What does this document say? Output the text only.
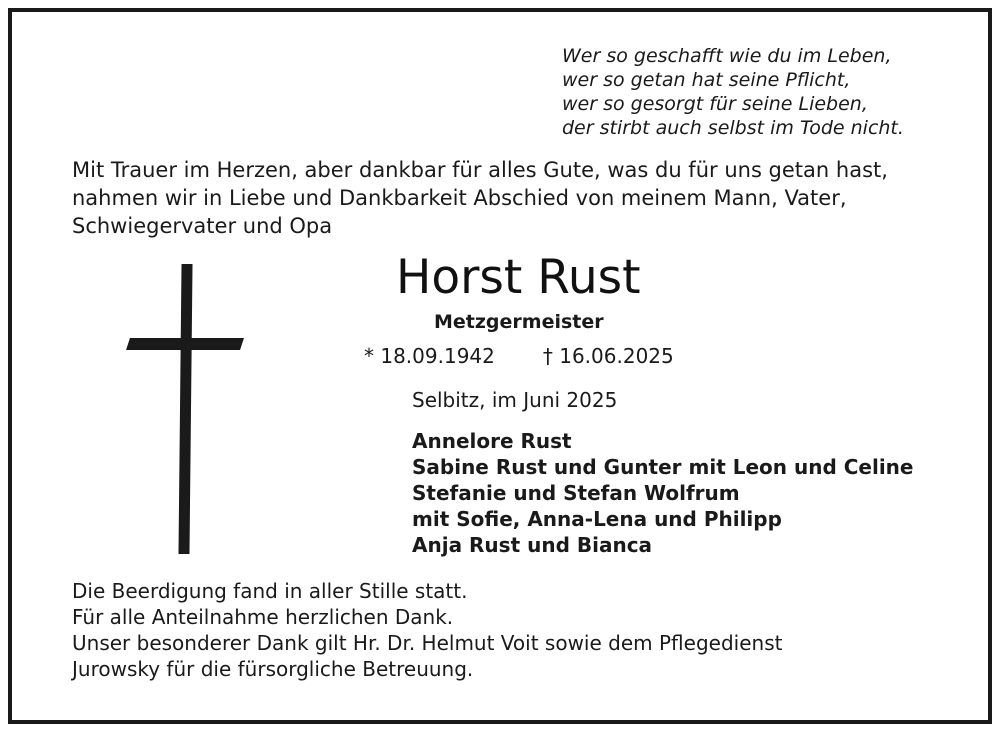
Wer so geschafft wie du im Leben,
wer so getan hat seine Pflicht,
wer so gesorgt für seine Lieben,
der stirbt auch selbst im Tode nicht.
Mit Trauer im Herzen, aber dankbar für alles Gute, was du für uns getan hast,
nahmen wir in Liebe und Dankbarkeit Abschied von meinem Mann, Vater,
Schwiegervater und Opa
Horst Rust
Metzgermeister
* 18.09.1942 † 16.06.2025
Selbitz, im Juni 2025
Annelore Rust
Sabine Rust und Gunter mit Leon und Celine
Stefanie und Stefan Wolfrum
mit Sofie, Anna-Lena und Philipp
Anja Rust und Bianca
Die Beerdigung fand in aller Stille statt.
Für alle Anteilnahme herzlichen Dank.
Unser besonderer Dank gilt Hr. Dr. Helmut Voit sowie dem Pflegedienst
Jurowsky für die fürsorgliche Betreuung.
